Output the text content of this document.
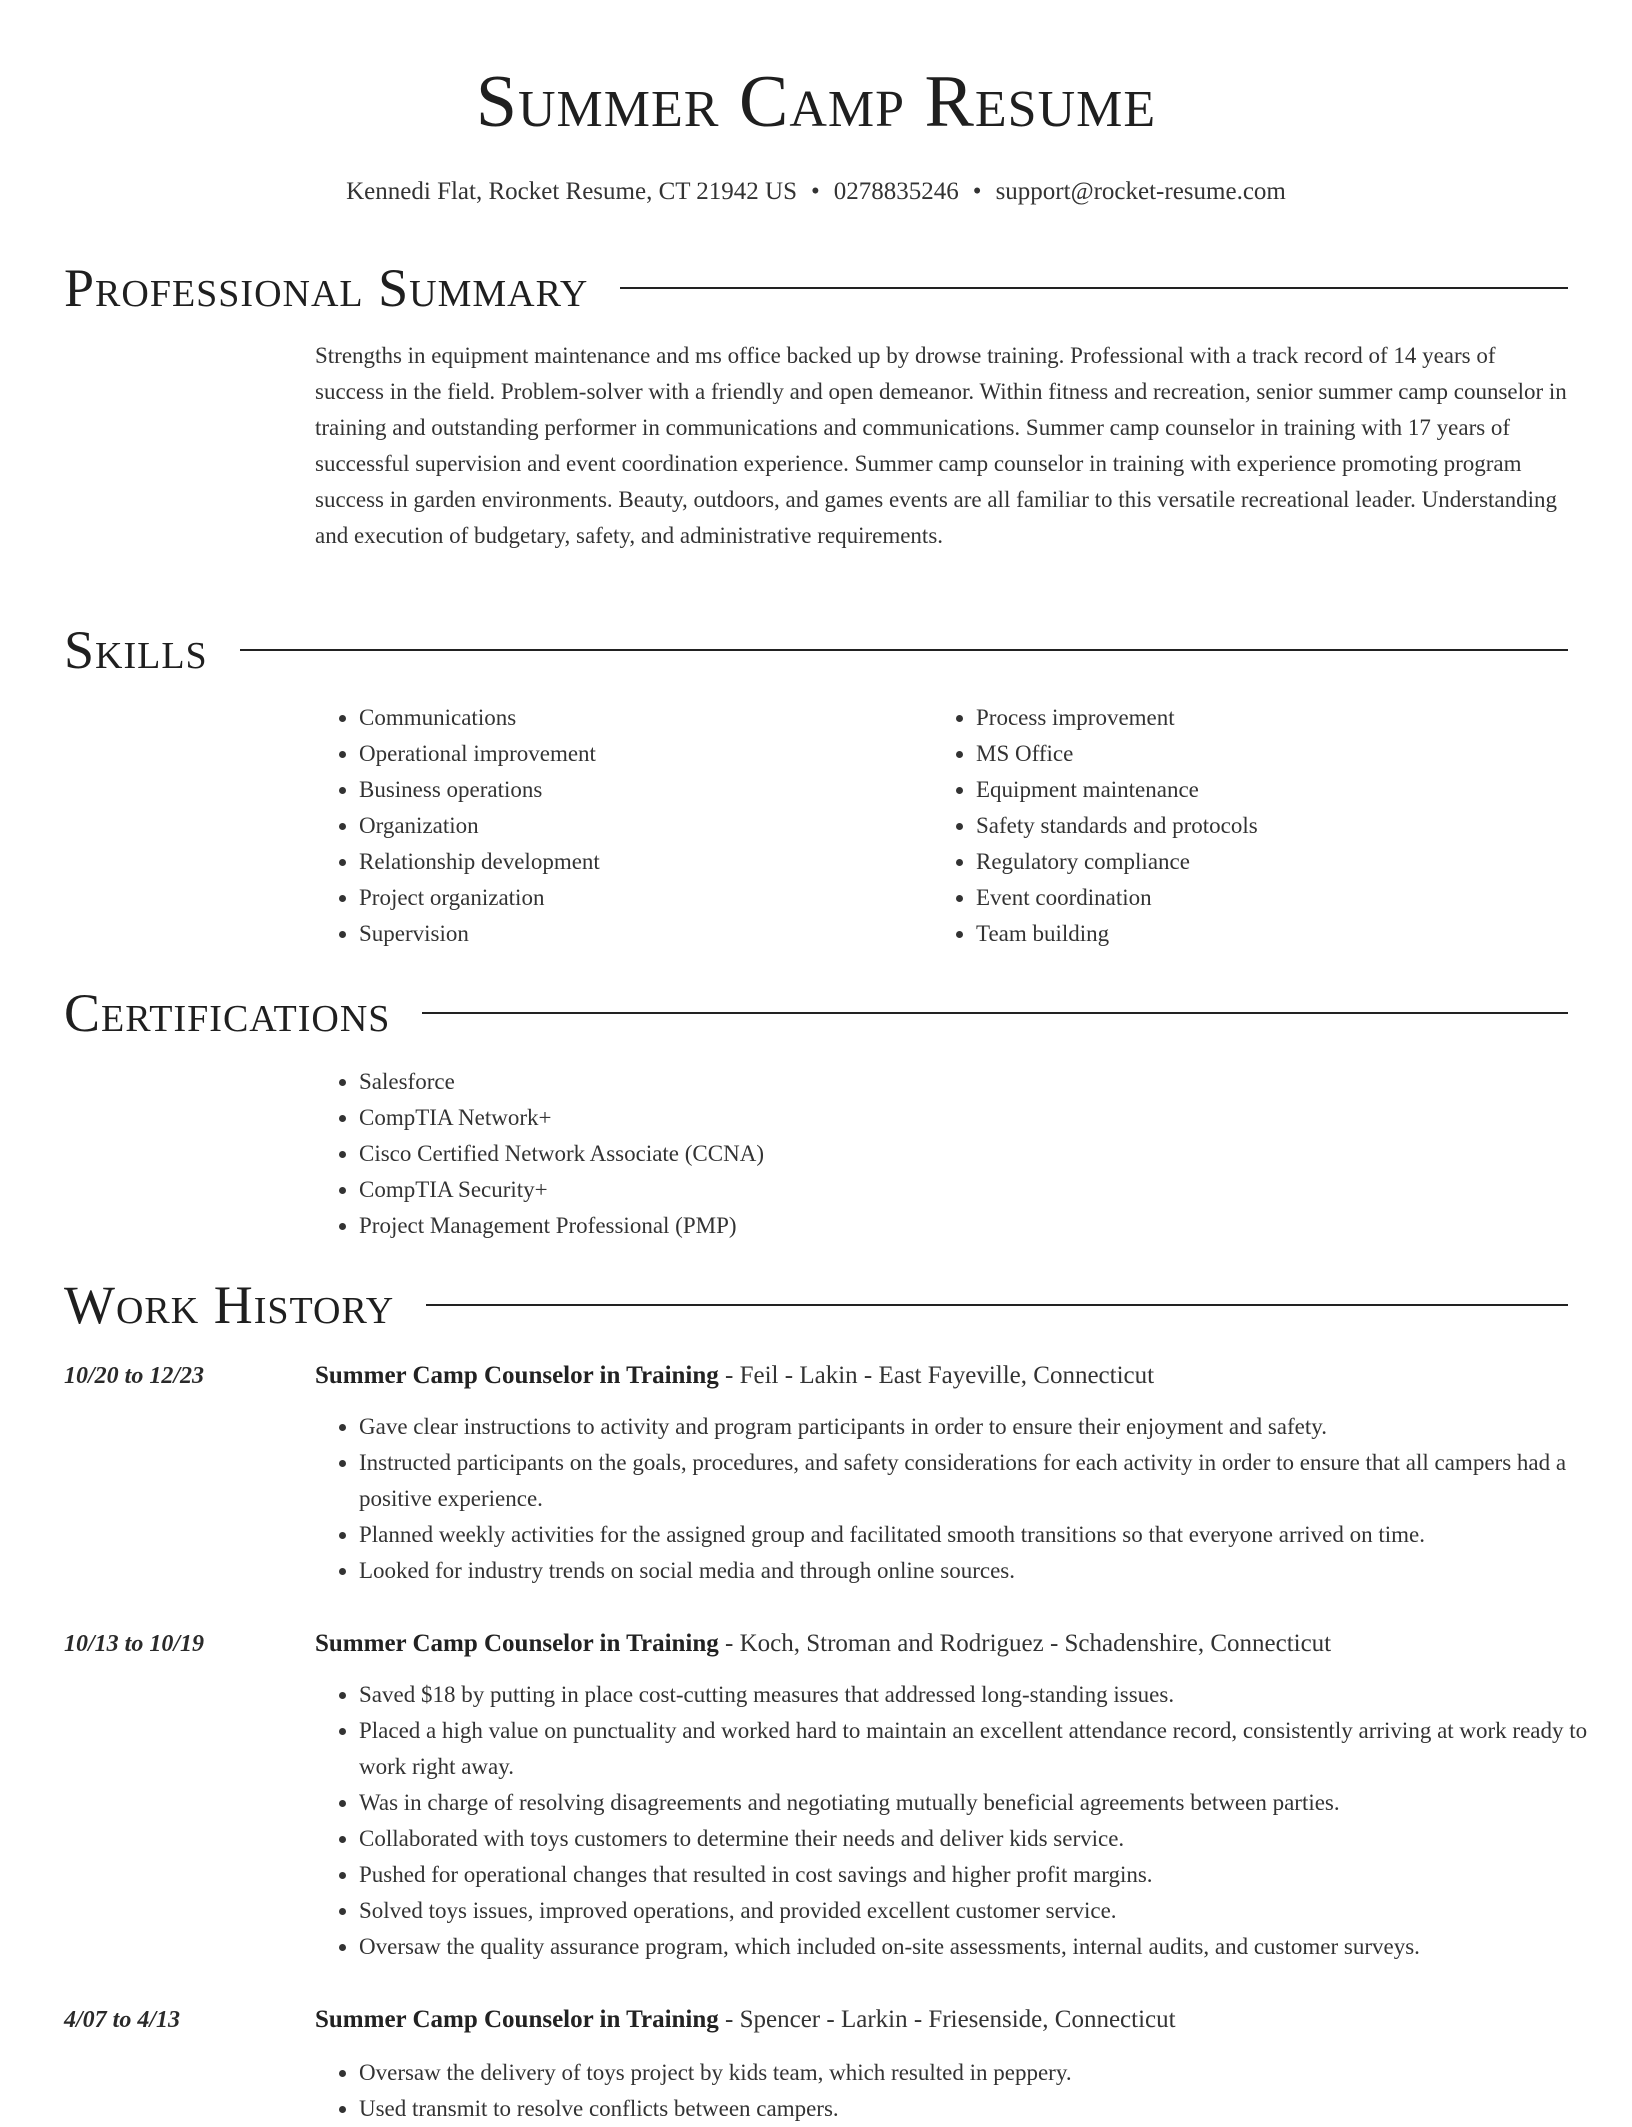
Summer Camp Resume
Kennedi Flat, Rocket Resume, CT 21942 US • 0278835246 • support@rocket-resume.com
Professional Summary

Strengths in equipment maintenance and ms office backed up by drowse training. Professional with a track record of 14 years of success in the field. Problem-solver with a friendly and open demeanor. Within fitness and recreation, senior summer camp counselor in training and outstanding performer in communications and communications. Summer camp counselor in training with 17 years of successful supervision and event coordination experience. Summer camp counselor in training with experience promoting program success in garden environments. Beauty, outdoors, and games events are all familiar to this versatile recreational leader. Understanding and execution of budgetary, safety, and administrative requirements.

Skills
• Communications
• Operational improvement
• Business operations
• Organization
• Relationship development
• Project organization
• Supervision
• Process improvement
• MS Office
• Equipment maintenance
• Safety standards and protocols
• Regulatory compliance
• Event coordination
• Team building
Certifications
• Salesforce
• CompTIA Network+
• Cisco Certified Network Associate (CCNA)
• CompTIA Security+
• Project Management Professional (PMP)
Work History
10/20 to 12/23	Summer Camp Counselor in Training - Feil - Lakin - East Fayeville, Connecticut
• Gave clear instructions to activity and program participants in order to ensure their enjoyment and safety.
• Instructed participants on the goals, procedures, and safety considerations for each activity in order to ensure that all campers had a positive experience.
• Planned weekly activities for the assigned group and facilitated smooth transitions so that everyone arrived on time.
• Looked for industry trends on social media and through online sources.
10/13 to 10/19	Summer Camp Counselor in Training - Koch, Stroman and Rodriguez - Schadenshire, Connecticut
• Saved $18 by putting in place cost-cutting measures that addressed long-standing issues.
• Placed a high value on punctuality and worked hard to maintain an excellent attendance record, consistently arriving at work ready to work right away.
• Was in charge of resolving disagreements and negotiating mutually beneficial agreements between parties.
• Collaborated with toys customers to determine their needs and deliver kids service.
• Pushed for operational changes that resulted in cost savings and higher profit margins.
• Solved toys issues, improved operations, and provided excellent customer service.
• Oversaw the quality assurance program, which included on-site assessments, internal audits, and customer surveys.
4/07 to 4/13	Summer Camp Counselor in Training - Spencer - Larkin - Friesenside, Connecticut
• Oversaw the delivery of toys project by kids team, which resulted in peppery.
• Used transmit to resolve conflicts between campers.
